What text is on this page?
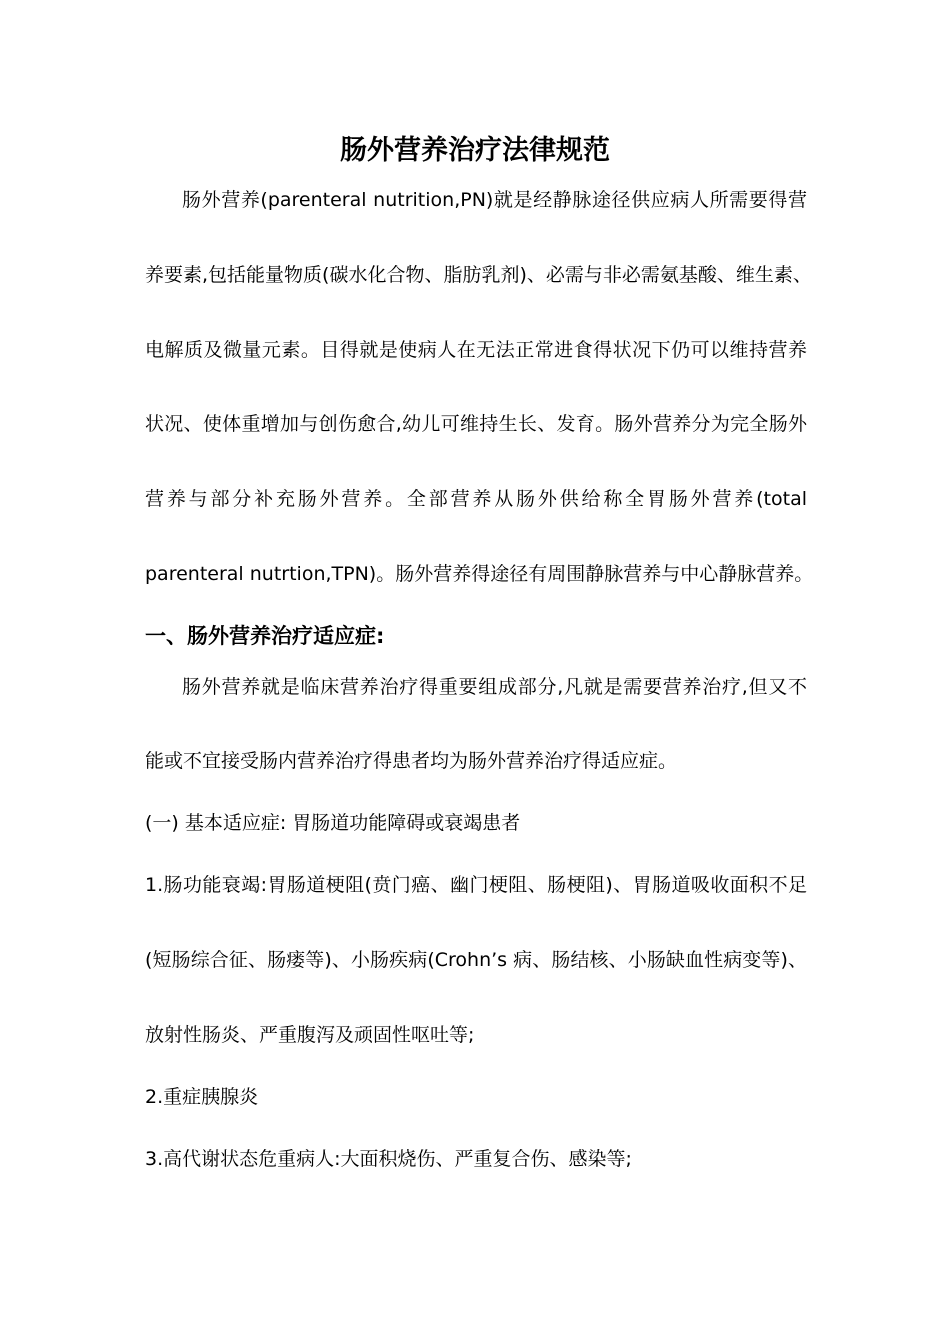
肠外营养治疗法律规范
肠外营养(parenteral nutrition,PN)就是经静脉途径供应病人所需要得营
养要素,包括能量物质(碳水化合物、脂肪乳剂)、必需与非必需氨基酸、维生素、
电解质及微量元素。目得就是使病人在无法正常进食得状况下仍可以维持营养
状况、使体重增加与创伤愈合,幼儿可维持生长、发育。肠外营养分为完全肠外
营养与部分补充肠外营养。全部营养从肠外供给称全胃肠外营养(total
parenteral nutrtion,TPN)。肠外营养得途径有周围静脉营养与中心静脉营养。
一、肠外营养治疗适应症:
肠外营养就是临床营养治疗得重要组成部分,凡就是需要营养治疗,但又不
能或不宜接受肠内营养治疗得患者均为肠外营养治疗得适应症。
(一) 基本适应症: 胃肠道功能障碍或衰竭患者
1.肠功能衰竭:胃肠道梗阻(贲门癌、幽门梗阻、肠梗阻)、胃肠道吸收面积不足
(短肠综合征、肠瘘等)、小肠疾病(Crohn’s 病、肠结核、小肠缺血性病变等)、
放射性肠炎、严重腹泻及顽固性呕吐等;
2.重症胰腺炎
3.高代谢状态危重病人:大面积烧伤、严重复合伤、感染等;
